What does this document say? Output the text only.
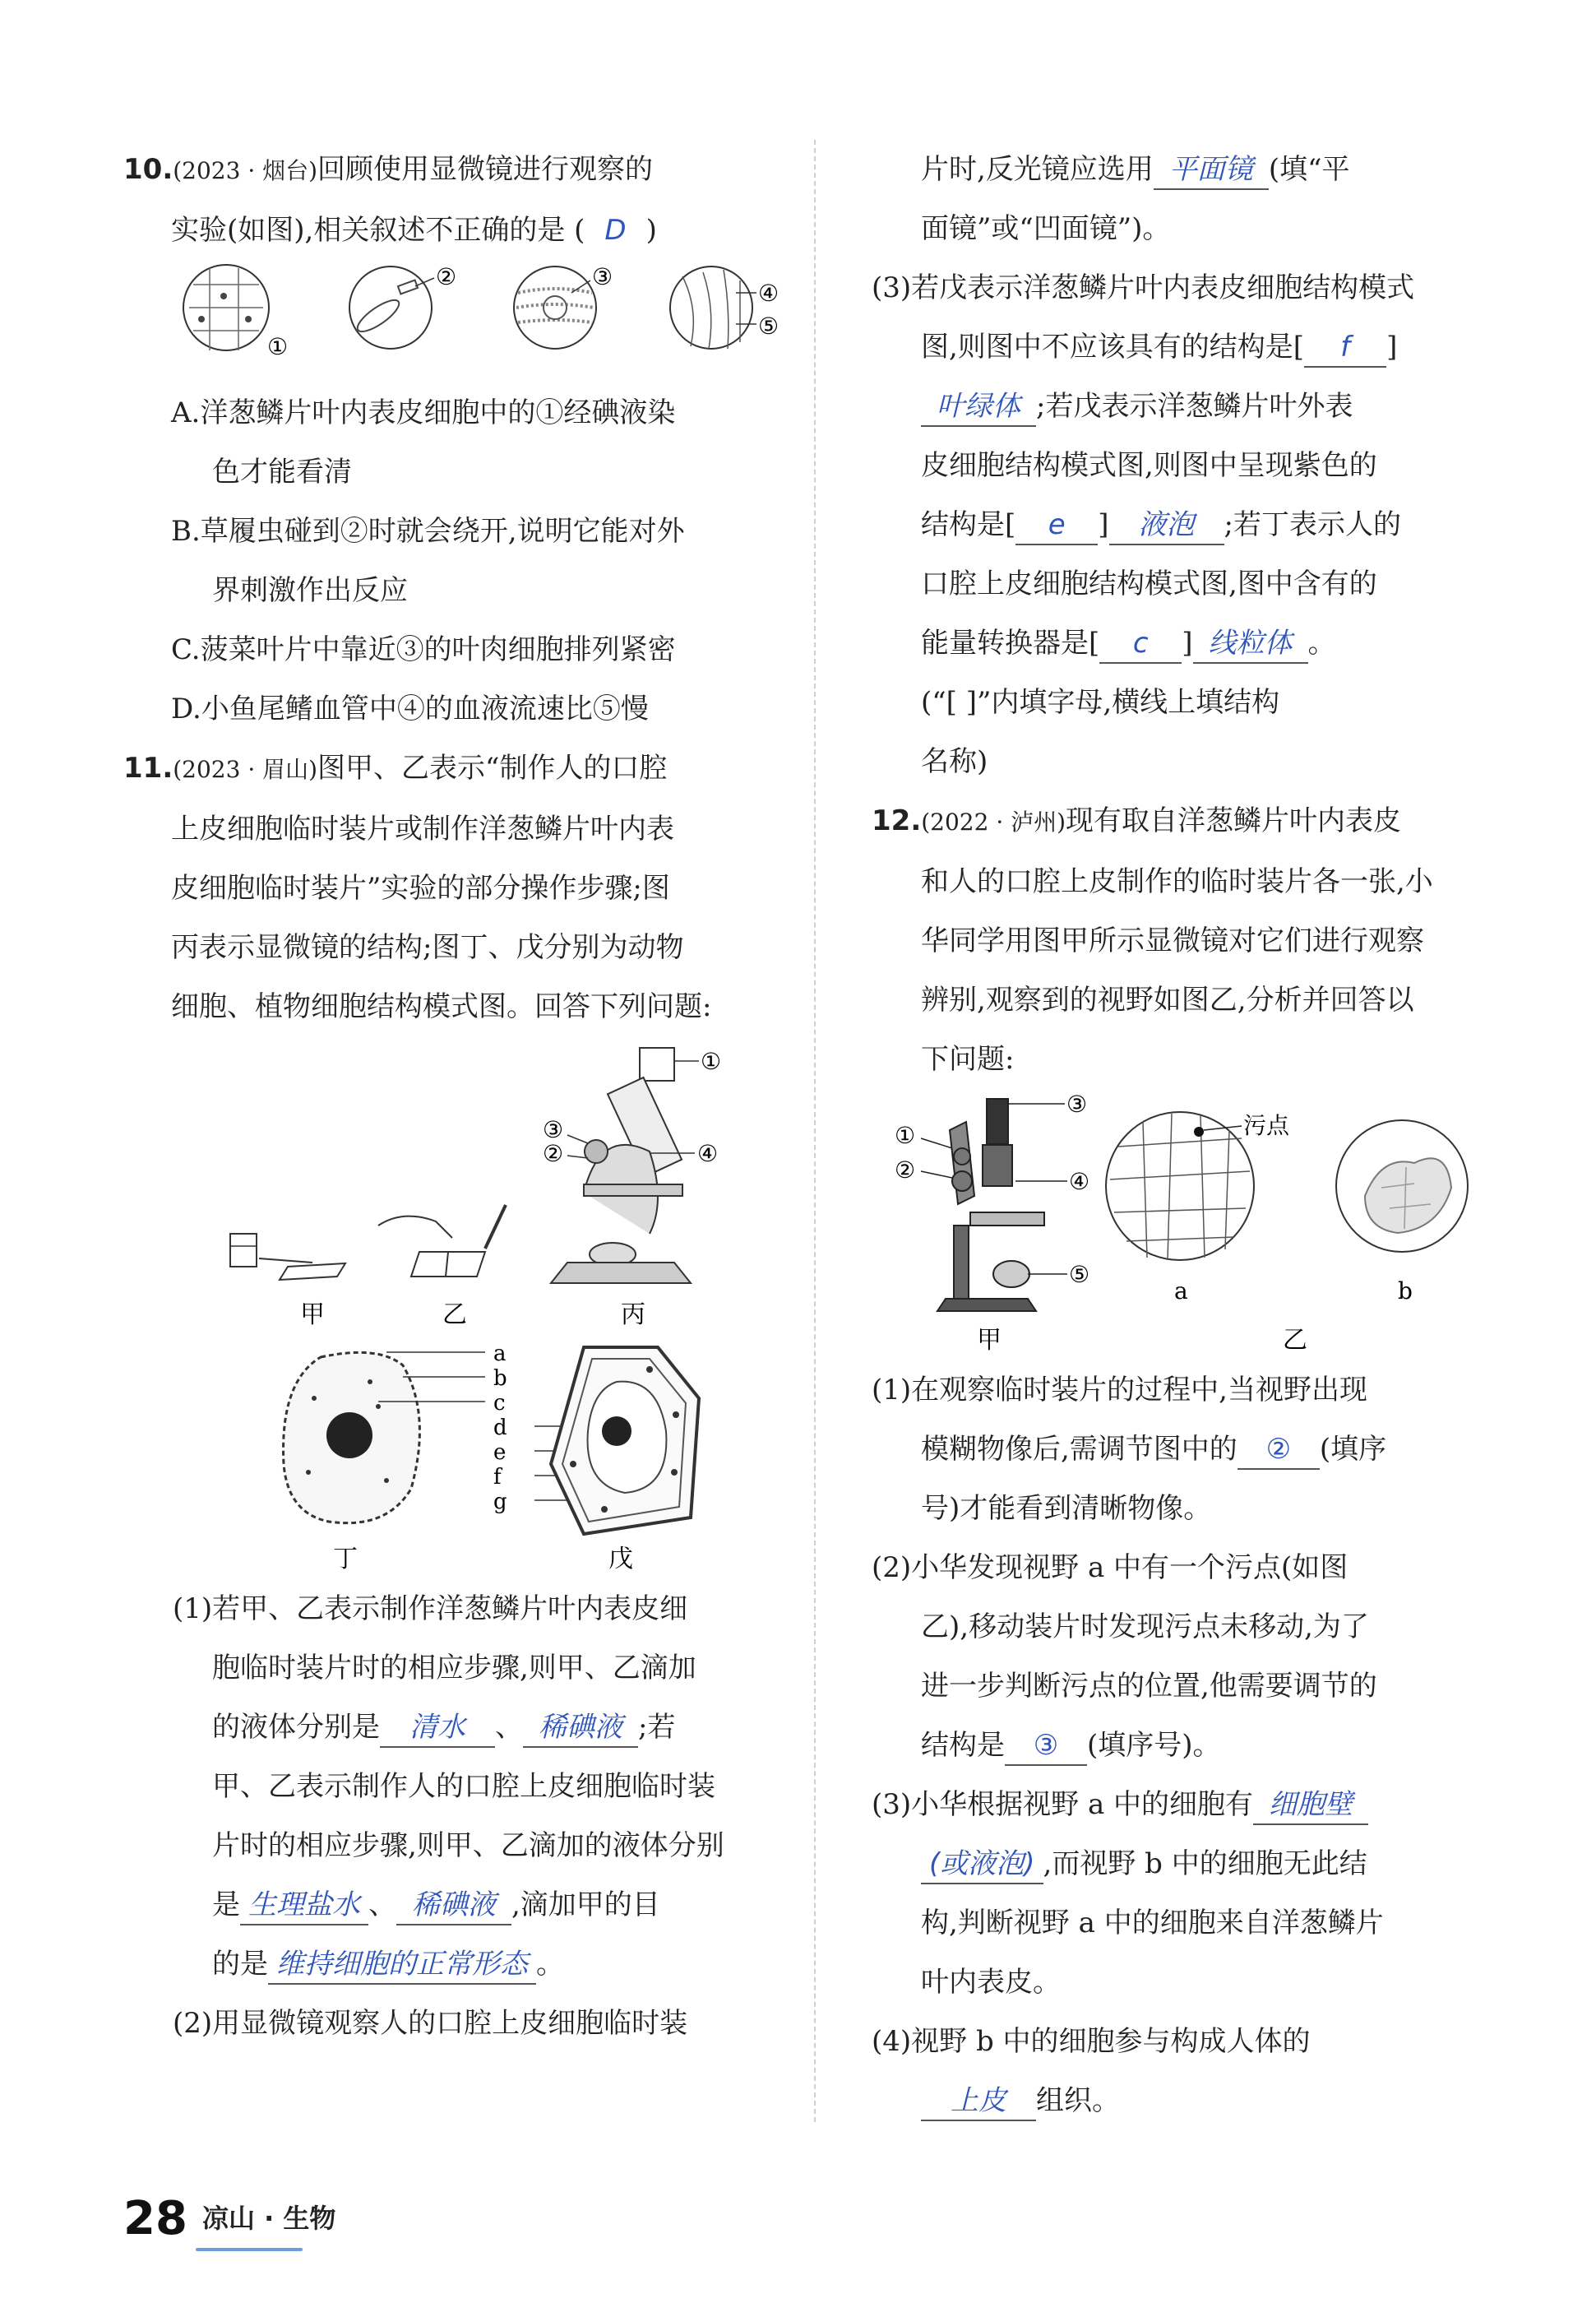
10.(2023 · 烟台)回顾使用显微镜进行观察的
实验(如图),相关叙述不正确的是 ( D )
①
②	③
④
⑤
A.洋葱鳞片叶内表皮细胞中的①经碘液染
色才能看清
B.草履虫碰到②时就会绕开,说明它能对外
界刺激作出反应
C.菠菜叶片中靠近③的叶肉细胞排列紧密
D.小鱼尾鳍血管中④的血液流速比⑤慢
11.(2023 · 眉山)图甲、乙表示“制作人的口腔
上皮细胞临时装片或制作洋葱鳞片叶内表
皮细胞临时装片”实验的部分操作步骤;图
丙表示显微镜的结构;图丁、戊分别为动物
细胞、植物细胞结构模式图。回答下列问题:
甲	乙
①
②
③
④
丙
丁
a
b
c
d
e
f
g
戊
(1)若甲、乙表示制作洋葱鳞片叶内表皮细
胞临时装片时的相应步骤,则甲、乙滴加
的液体分别是 清水 、 稀碘液 ;若
甲、乙表示制作人的口腔上皮细胞临时装
片时的相应步骤,则甲、乙滴加的液体分别
是 生理盐水 、 稀碘液 ,滴加甲的目
的是 维持细胞的正常形态 。
(2)用显微镜观察人的口腔上皮细胞临时装
片时,反光镜应选用 平面镜 (填“平
面镜”或“凹面镜”)。
(3)若戊表示洋葱鳞片叶内表皮细胞结构模式
图,则图中不应该具有的结构是[ f ]
叶绿体 ;若戊表示洋葱鳞片叶外表
皮细胞结构模式图,则图中呈现紫色的
结构是[ e ] 液泡 ;若丁表示人的
口腔上皮细胞结构模式图,图中含有的
能量转换器是[ c ] 线粒体 。
(“[ ]”内填字母,横线上填结构
名称)
12.(2022 · 泸州)现有取自洋葱鳞片叶内表皮
和人的口腔上皮制作的临时装片各一张,小
华同学用图甲所示显微镜对它们进行观察
辨别,观察到的视野如图乙,分析并回答以
下问题:
③
①
②	④
⑤
甲
污点
a	b
乙
(1)在观察临时装片的过程中,当视野出现
模糊物像后,需调节图中的 ② (填序
号)才能看到清晰物像。
(2)小华发现视野 a 中有一个污点(如图
乙),移动装片时发现污点未移动,为了
进一步判断污点的位置,他需要调节的
结构是 ③ (填序号)。
(3)小华根据视野 a 中的细胞有 细胞壁
(或液泡) ,而视野 b 中的细胞无此结
构,判断视野 a 中的细胞来自洋葱鳞片
叶内表皮。
(4)视野 b 中的细胞参与构成人体的
上皮 组织。
28 凉山 · 生物
